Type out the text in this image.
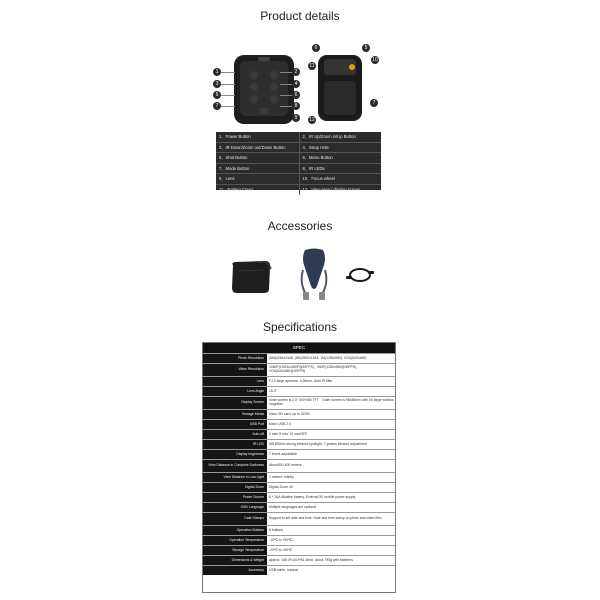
Product details
1
3
5
7
2
4
6
9
8
6	5
11
10
7
12
1、Power Button	2、IR Up/Zoom in/Up Button
3、IR Down/Zoom out/Down Button	4、Strap Hole
5、Shot Button	6、Menu Button
7、Mode Button	8、IR LEDs
9、Lens	10、Focus wheel
11、Battery Cover	12、View Area / display screen
Accessories
Specifications
SPEC
Photo Resolution	(8M)3264x2448, (5M)2592x1944, 1M(1280x960), VGA(640x480)
Video Resolution	1080P(1920x1080P@30FPS)、960P(1280x960@30FPS)、VGA(640x480@30FPS)
Lens	F1.0 large aperture, f=35mm, Auto IR filter
Lens Angle	18.3°
Display Screen	Inner screen is 2.0" 640*480 TFT　Outer screen is 96x48mm with 6X large window magnifier
Storage Media	Micro SD card, up to 32GB
USB Port	Micro USB 2.0
Auto off	3 min/ 5 min/ 10 min/OFF
IR LED	8W 850nm strong infrared spotlight, 7 grades infrared adjustment
Display brightness	7 levels adjustable
View Distance in Complete Darkness	About300-400 meters
View Distance in Low Light	1 meters~infinity
Digital Zoom	Digital Zoom 4X
Power Source	8 * 2AA Alkaline battery, External 5V mobile power supply
OSD Language	Multiple languages are optional
Date Stamps	Support to set date and time. Date and time stamp on photo and video files
Operation Buttons	8 buttons
Operation Temperature	-10℃ to +50℃
Storage Temperature	-20℃ to +60℃
Dimensions & Weight	approx. 185.3*144.9*61.5mm, about 795g with batteries
Accessory	USB cable, manual
